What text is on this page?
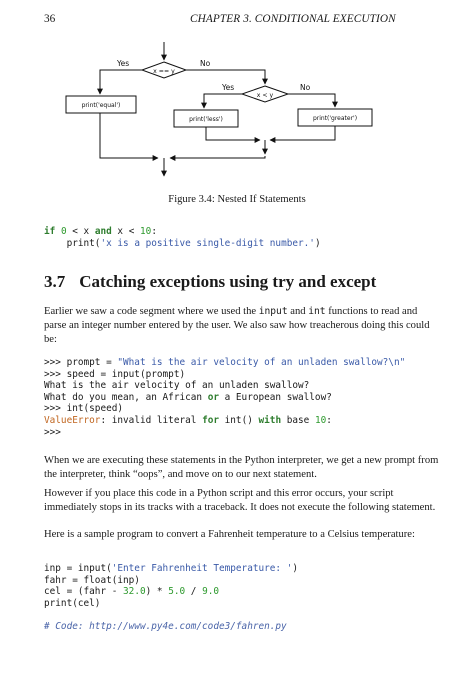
36	CHAPTER 3. CONDITIONAL EXECUTION
Yes	No
x == y
Yes	No
x < y
print('equal')
print('less')	print('greater')
Figure 3.4: Nested If Statements
if 0 < x and x < 10:
print('x is a positive single-digit number.')
3.7 Catching exceptions using try and except
Earlier we saw a code segment where we used the input and int functions to read and parse an integer number entered by the user. We also saw how treacherous doing this could be:
>>> prompt = "What is the air velocity of an unladen swallow?\n"
>>> speed = input(prompt)
What is the air velocity of an unladen swallow?
What do you mean, an African or a European swallow?
>>> int(speed)
ValueError: invalid literal for int() with base 10:
>>>
When we are executing these statements in the Python interpreter, we get a new prompt from the interpreter, think “oops”, and move on to our next statement.
However if you place this code in a Python script and this error occurs, your script immediately stops in its tracks with a traceback. It does not execute the following statement.
Here is a sample program to convert a Fahrenheit temperature to a Celsius temperature:
inp = input('Enter Fahrenheit Temperature: ')
fahr = float(inp)
cel = (fahr - 32.0) * 5.0 / 9.0
print(cel)

# Code: http://www.py4e.com/code3/fahren.py
